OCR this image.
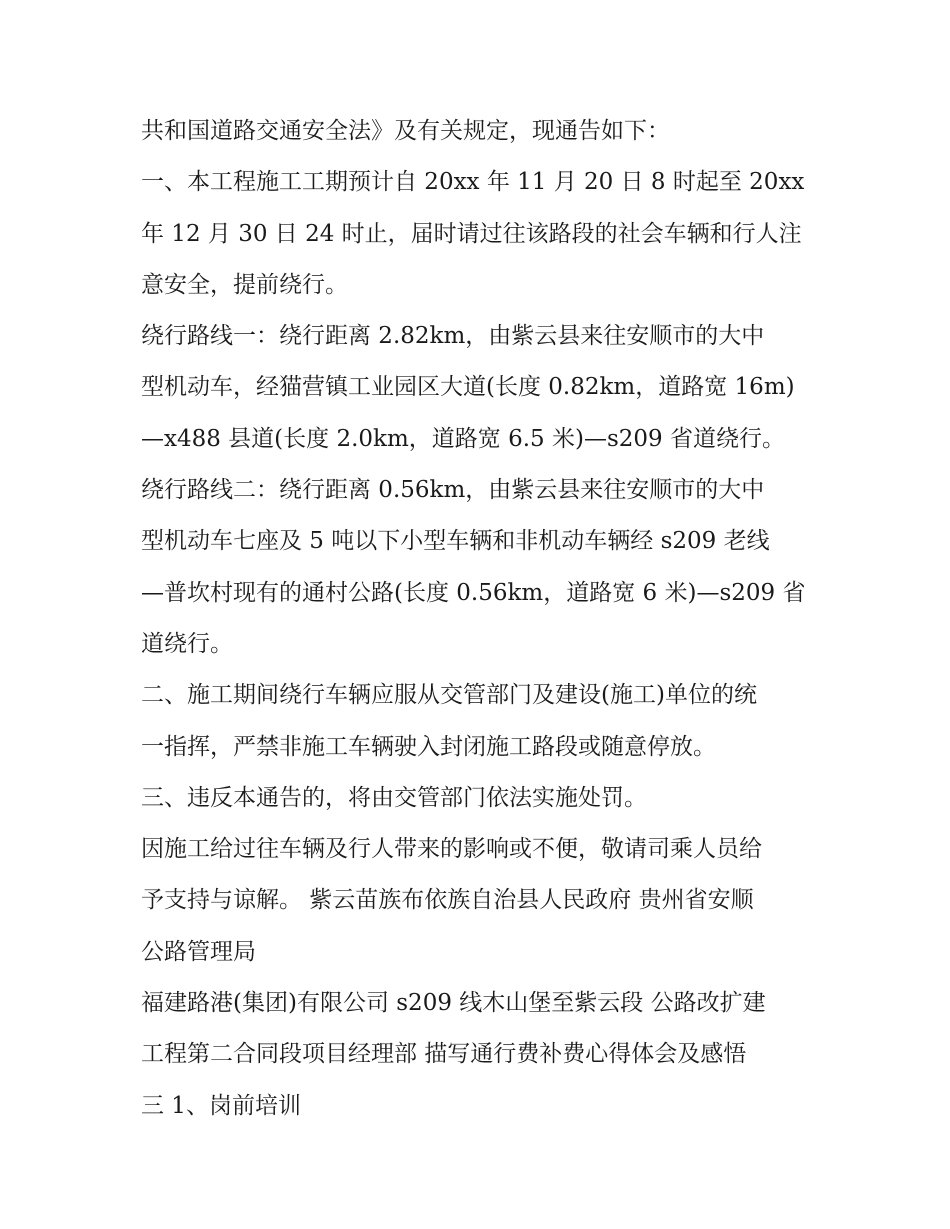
共和国道路交通安全法》及有关规定，现通告如下：
一、本工程施工工期预计自 20xx 年 11 月 20 日 8 时起至 20xx
年 12 月 30 日 24 时止，届时请过往该路段的社会车辆和行人注
意安全，提前绕行。
绕行路线一：绕行距离 2.82km，由紫云县来往安顺市的大中
型机动车，经猫营镇工业园区大道(长度 0.82km，道路宽 16m)
—x488 县道(长度 2.0km，道路宽 6.5 米)—s209 省道绕行。
绕行路线二：绕行距离 0.56km，由紫云县来往安顺市的大中
型机动车七座及 5 吨以下小型车辆和非机动车辆经 s209 老线
—普坎村现有的通村公路(长度 0.56km，道路宽 6 米)—s209 省
道绕行。
二、施工期间绕行车辆应服从交管部门及建设(施工)单位的统
一指挥，严禁非施工车辆驶入封闭施工路段或随意停放。
三、违反本通告的，将由交管部门依法实施处罚。
因施工给过往车辆及行人带来的影响或不便，敬请司乘人员给
予支持与谅解。 紫云苗族布依族自治县人民政府 贵州省安顺
公路管理局
福建路港(集团)有限公司 s209 线木山堡至紫云段 公路改扩建
工程第二合同段项目经理部 描写通行费补费心得体会及感悟
三 1、岗前培训
